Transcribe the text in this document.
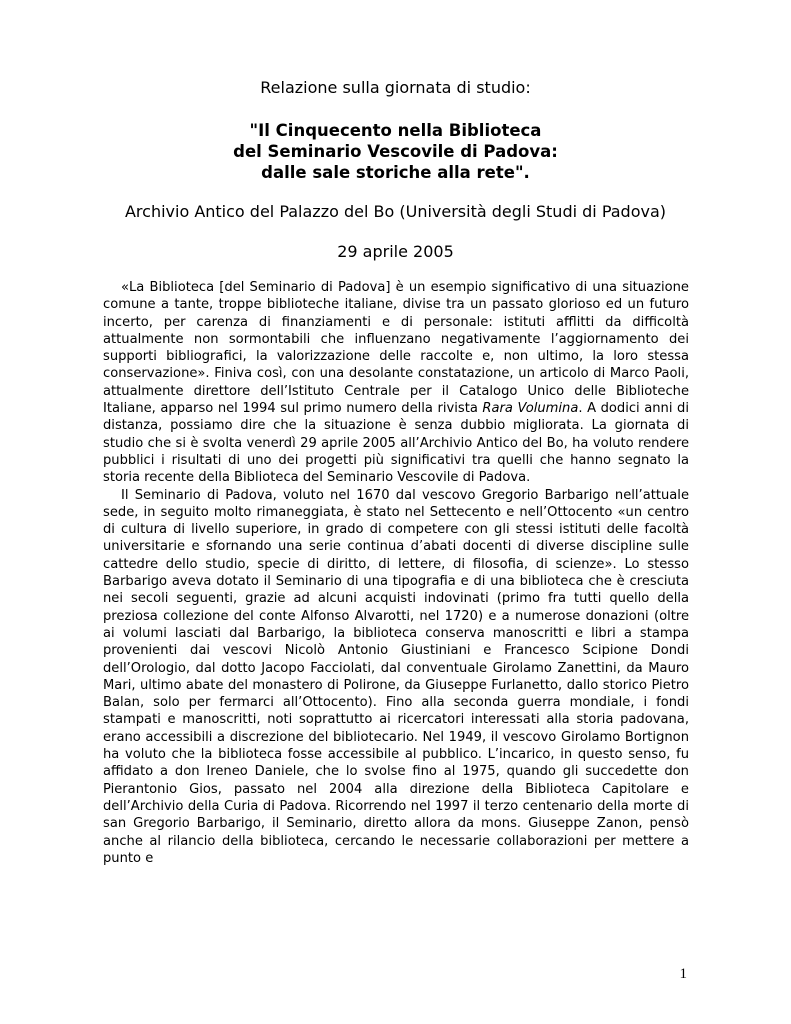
Relazione sulla giornata di studio:

"Il Cinquecento nella Biblioteca

del Seminario Vescovile di Padova:

dalle sale storiche alla rete".

Archivio Antico del Palazzo del Bo (Università degli Studi di Padova)

29 aprile 2005

«La Biblioteca [del Seminario di Padova] è un esempio significativo di una situazione comune a tante, troppe biblioteche italiane, divise tra un passato glorioso ed un futuro incerto, per carenza di finanziamenti e di personale: istituti afflitti da difficoltà attualmente non sormontabili che influenzano negativamente l’aggiornamento dei supporti bibliografici, la valorizzazione delle raccolte e, non ultimo, la loro stessa conservazione». Finiva così, con una desolante constatazione, un articolo di Marco Paoli, attualmente direttore dell’Istituto Centrale per il Catalogo Unico delle Biblioteche Italiane, apparso nel 1994 sul primo numero della rivista Rara Volumina. A dodici anni di distanza, possiamo dire che la situazione è senza dubbio migliorata. La giornata di studio che si è svolta venerdì 29 aprile 2005 all’Archivio Antico del Bo, ha voluto rendere pubblici i risultati di uno dei progetti più significativi tra quelli che hanno segnato la storia recente della Biblioteca del Seminario Vescovile di Padova.

Il Seminario di Padova, voluto nel 1670 dal vescovo Gregorio Barbarigo nell’attuale sede, in seguito molto rimaneggiata, è stato nel Settecento e nell’Ottocento «un centro di cultura di livello superiore, in grado di competere con gli stessi istituti delle facoltà universitarie e sfornando una serie continua d’abati docenti di diverse discipline sulle cattedre dello studio, specie di diritto, di lettere, di filosofia, di scienze». Lo stesso Barbarigo aveva dotato il Seminario di una tipografia e di una biblioteca che è cresciuta nei secoli seguenti, grazie ad alcuni acquisti indovinati (primo fra tutti quello della preziosa collezione del conte Alfonso Alvarotti, nel 1720) e a numerose donazioni (oltre ai volumi lasciati dal Barbarigo, la biblioteca conserva manoscritti e libri a stampa provenienti dai vescovi Nicolò Antonio Giustiniani e Francesco Scipione Dondi dell’Orologio, dal dotto Jacopo Facciolati, dal conventuale Girolamo Zanettini, da Mauro Mari, ultimo abate del monastero di Polirone, da Giuseppe Furlanetto, dallo storico Pietro Balan, solo per fermarci all’Ottocento). Fino alla seconda guerra mondiale, i fondi stampati e manoscritti, noti soprattutto ai ricercatori interessati alla storia padovana, erano accessibili a discrezione del bibliotecario. Nel 1949, il vescovo Girolamo Bortignon ha voluto che la biblioteca fosse accessibile al pubblico. L’incarico, in questo senso, fu affidato a don Ireneo Daniele, che lo svolse fino al 1975, quando gli succedette don Pierantonio Gios, passato nel 2004 alla direzione della Biblioteca Capitolare e dell’Archivio della Curia di Padova. Ricorrendo nel 1997 il terzo centenario della morte di san Gregorio Barbarigo, il Seminario, diretto allora da mons. Giuseppe Zanon, pensò anche al rilancio della biblioteca, cercando le necessarie collaborazioni per mettere a punto e

1
